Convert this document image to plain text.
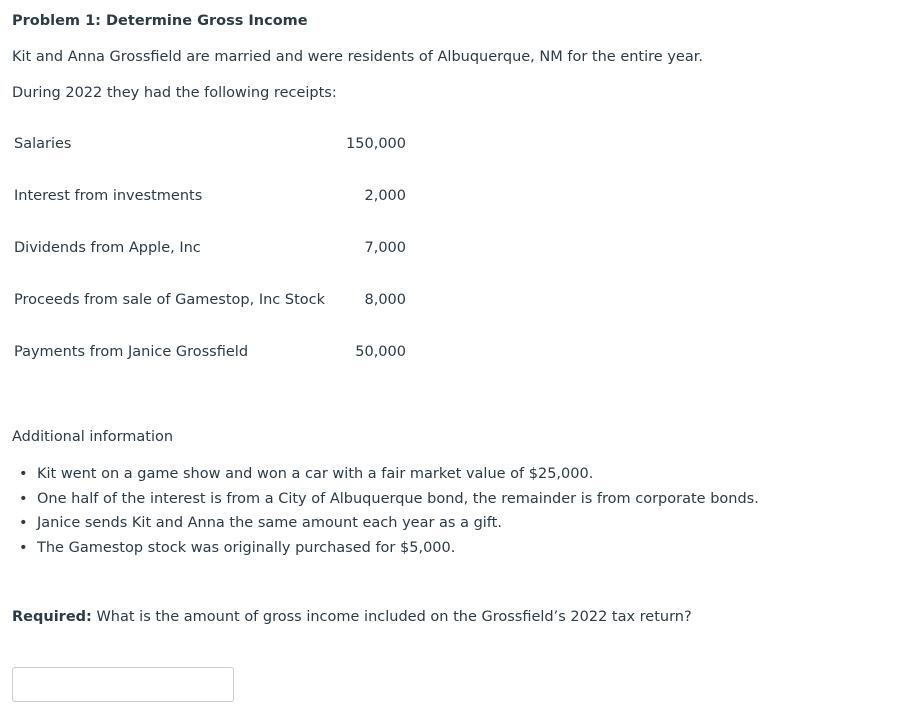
Problem 1: Determine Gross Income
Kit and Anna Grossfield are married and were residents of Albuquerque, NM for the entire year.
During 2022 they had the following receipts:
Salaries	150,000
Interest from investments	2,000
Dividends from Apple, Inc	7,000
Proceeds from sale of Gamestop, Inc Stock	8,000
Payments from Janice Grossfield	50,000
Additional information
• Kit went on a game show and won a car with a fair market value of $25,000.
• One half of the interest is from a City of Albuquerque bond, the remainder is from corporate bonds.
• Janice sends Kit and Anna the same amount each year as a gift.
• The Gamestop stock was originally purchased for $5,000.
Required: What is the amount of gross income included on the Grossfield’s 2022 tax return?
